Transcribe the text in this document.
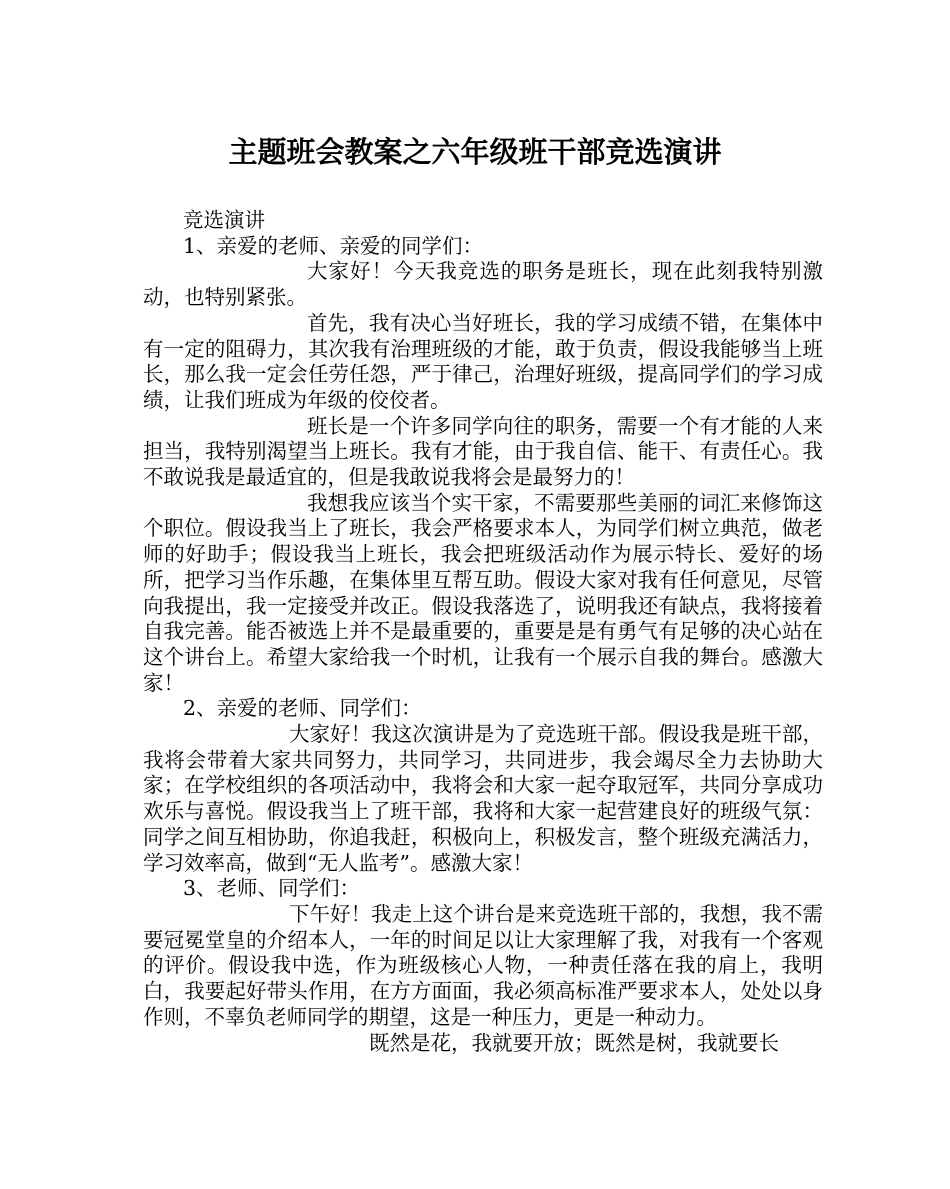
主题班会教案之六年级班干部竞选演讲
竞选演讲
1、亲爱的老师、亲爱的同学们：

大家好！今天我竞选的职务是班长，现在此刻我特别激动，也特别紧张。

首先，我有决心当好班长，我的学习成绩不错，在集体中有一定的阻碍力，其次我有治理班级的才能，敢于负责，假设我能够当上班长，那么我一定会任劳任怨，严于律己，治理好班级，提高同学们的学习成绩，让我们班成为年级的佼佼者。

班长是一个许多同学向往的职务，需要一个有才能的人来担当，我特别渴望当上班长。我有才能，由于我自信、能干、有责任心。我不敢说我是最适宜的，但是我敢说我将会是最努力的！

我想我应该当个实干家，不需要那些美丽的词汇来修饰这个职位。假设我当上了班长，我会严格要求本人，为同学们树立典范，做老师的好助手；假设我当上班长，我会把班级活动作为展示特长、爱好的场所，把学习当作乐趣，在集体里互帮互助。假设大家对我有任何意见，尽管向我提出，我一定接受并改正。假设我落选了，说明我还有缺点，我将接着自我完善。能否被选上并不是最重要的，重要是是有勇气有足够的决心站在这个讲台上。希望大家给我一个时机，让我有一个展示自我的舞台。感激大家！

2、亲爱的老师、同学们：

大家好！我这次演讲是为了竞选班干部。假设我是班干部，我将会带着大家共同努力，共同学习，共同进步，我会竭尽全力去协助大家；在学校组织的各项活动中，我将会和大家一起夺取冠军，共同分享成功欢乐与喜悦。假设我当上了班干部，我将和大家一起营建良好的班级气氛：同学之间互相协助，你追我赶，积极向上，积极发言，整个班级充满活力，学习效率高，做到“无人监考”。感激大家！

3、老师、同学们：

下午好！我走上这个讲台是来竞选班干部的，我想，我不需要冠冕堂皇的介绍本人，一年的时间足以让大家理解了我，对我有一个客观的评价。假设我中选，作为班级核心人物，一种责任落在我的肩上，我明白，我要起好带头作用，在方方面面，我必须高标准严要求本人，处处以身作则，不辜负老师同学的期望，这是一种压力，更是一种动力。

既然是花，我就要开放；既然是树，我就要长
